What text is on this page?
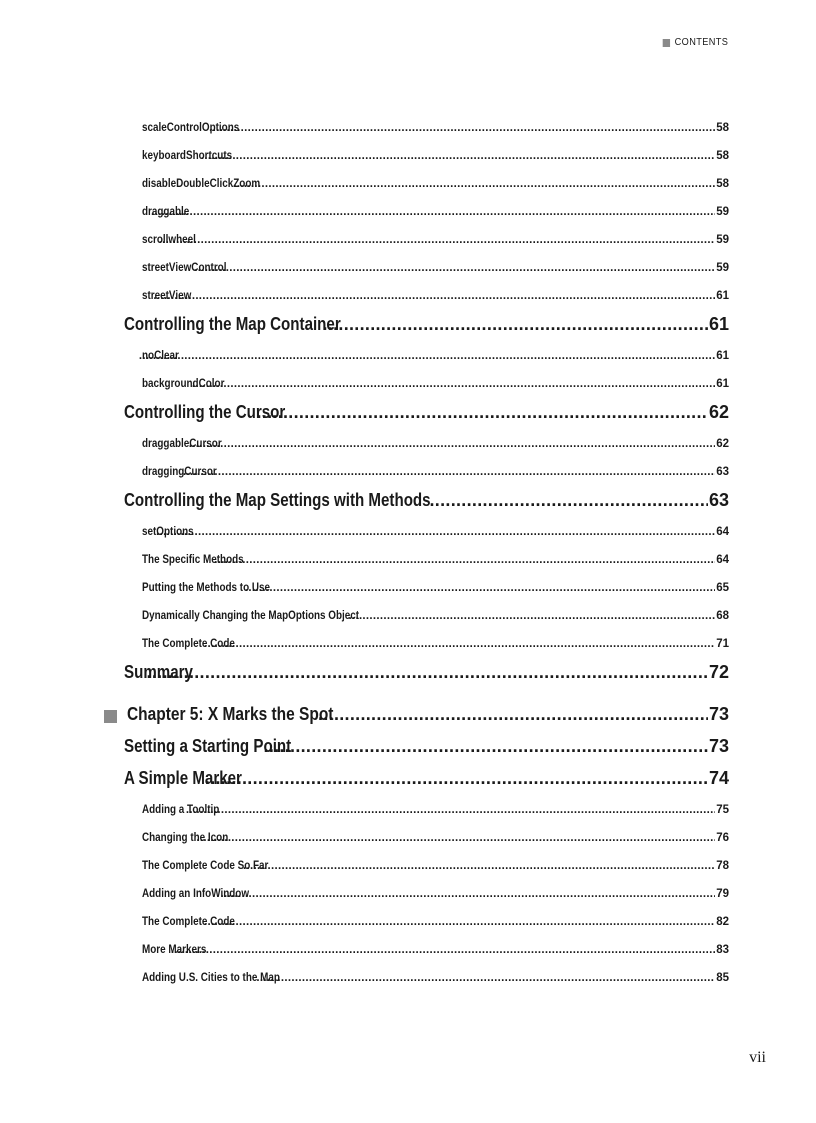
CONTENTS
scaleControlOptions .....	58
keyboardShortcuts .....	58
disableDoubleClickZoom .....	58
draggable .....	59
scrollwheel .....	59
streetViewControl .....	59
streetView .....	61
Controlling the Map Container .....	61
noClear .....	61
backgroundColor .....	61
Controlling the Cursor .....	62
draggableCursor .....	62
draggingCursor .....	63
Controlling the Map Settings with Methods .....	63
setOptions .....	64
The Specific Methods .....	64
Putting the Methods to Use .....	65
Dynamically Changing the MapOptions Object .....	68
The Complete Code .....	71
Summary .....	72
Chapter 5: X Marks the Spot .....	73
Setting a Starting Point .....	73
A Simple Marker .....	74
Adding a Tooltip .....	75
Changing the Icon .....	76
The Complete Code So Far .....	78
Adding an InfoWindow .....	79
The Complete Code .....	82
More Markers .....	83
Adding U.S. Cities to the Map .....	85
vii
